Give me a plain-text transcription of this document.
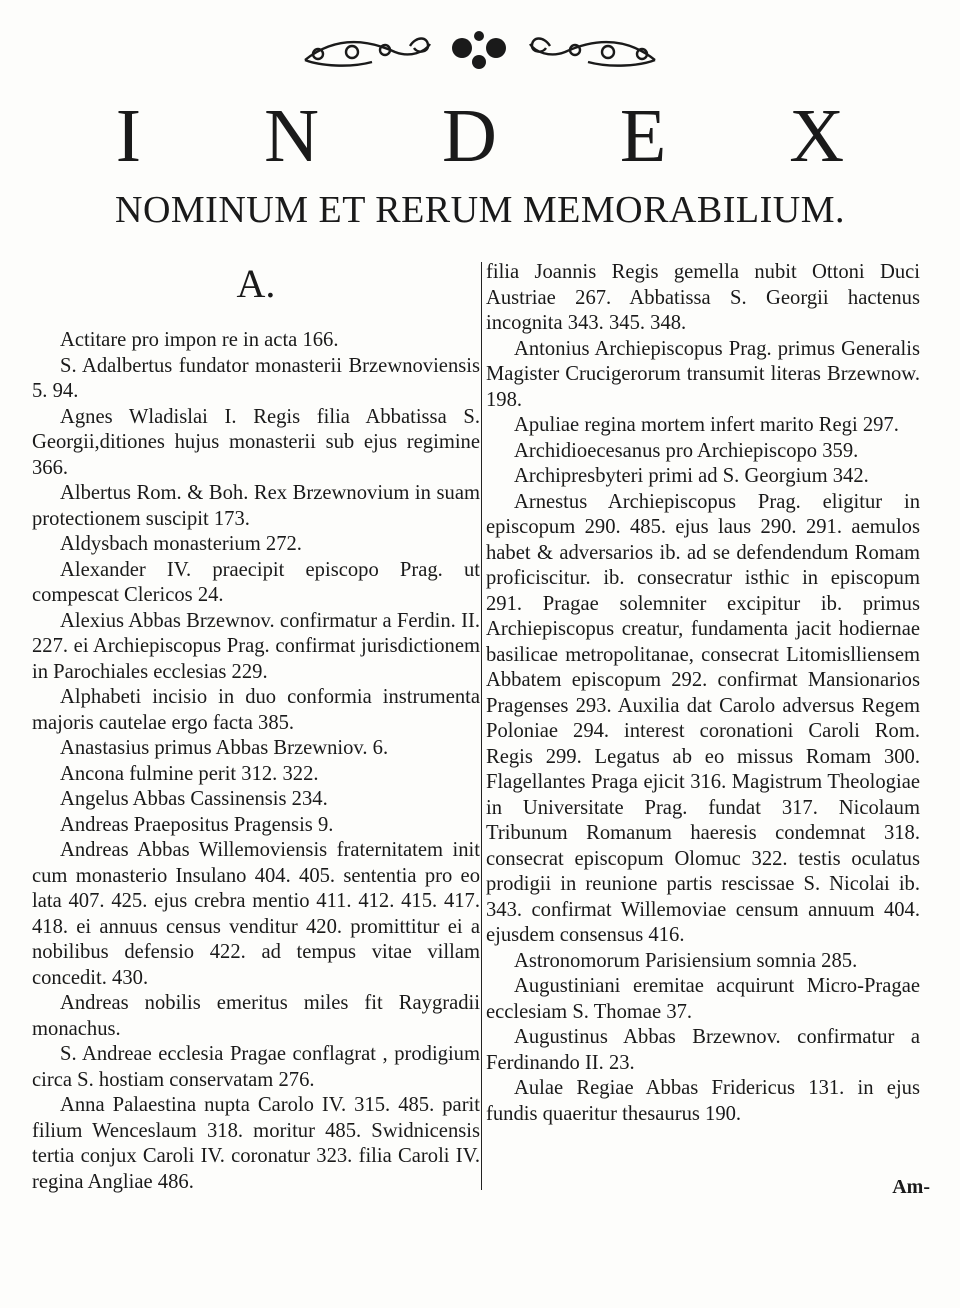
I N D E X
NOMINUM ET RERUM MEMORABILIUM.
A.

Actitare pro impon re in acta 166.

S. Adalbertus fundator monasterii Brzewnoviensis 5. 94.

Agnes Wladislai I. Regis filia Abbatissa S. Georgii,ditiones hujus monasterii sub ejus regimine 366.

Albertus Rom. & Boh. Rex Brzewnovium in suam protectionem suscipit 173.

Aldysbach monasterium 272.

Alexander IV. praecipit episcopo Prag. ut compescat Clericos 24.

Alexius Abbas Brzewnov. confirmatur a Ferdin. II. 227. ei Archiepiscopus Prag. confirmat jurisdictionem in Parochiales ecclesias 229.

Alphabeti incisio in duo conformia instrumenta majoris cautelae ergo facta 385.

Anastasius primus Abbas Brzewniov. 6.

Ancona fulmine perit 312. 322.

Angelus Abbas Cassinensis 234.

Andreas Praepositus Pragensis 9.

Andreas Abbas Willemoviensis fraternitatem init cum monasterio Insulano 404. 405. sententia pro eo lata 407. 425. ejus crebra mentio 411. 412. 415. 417. 418. ei annuus census venditur 420. promittitur ei a nobilibus defensio 422. ad tempus vitae villam concedit. 430.

Andreas nobilis emeritus miles fit Raygradii monachus.

S. Andreae ecclesia Pragae conflagrat , prodigium circa S. hostiam conservatam 276.

Anna Palaestina nupta Carolo IV. 315. 485. parit filium Wenceslaum 318. moritur 485. Swidnicensis tertia conjux Caroli IV. coronatur 323. filia Caroli IV. regina Angliae 486.

filia Joannis Regis gemella nubit Ottoni Duci Austriae 267. Abbatissa S. Georgii hactenus incognita 343. 345. 348.

Antonius Archiepiscopus Prag. primus Generalis Magister Crucigerorum transumit literas Brzewnow. 198.

Apuliae regina mortem infert marito Regi 297.

Archidioecesanus pro Archiepiscopo 359.

Archipresbyteri primi ad S. Georgium 342.

Arnestus Archiepiscopus Prag. eligitur in episcopum 290. 485. ejus laus 290. 291. aemulos habet & adversarios ib. ad se defendendum Romam proficiscitur. ib. consecratur isthic in episcopum 291. Pragae solemniter excipitur ib. primus Archiepiscopus creatur, fundamenta jacit hodiernae basilicae metropolitanae, consecrat Litomislliensem Abbatem episcopum 292. confirmat Mansionarios Pragenses 293. Auxilia dat Carolo adversus Regem Poloniae 294. interest coronationi Caroli Rom. Regis 299. Legatus ab eo missus Romam 300. Flagellantes Praga ejicit 316. Magistrum Theologiae in Universitate Prag. fundat 317. Nicolaum Tribunum Romanum haeresis condemnat 318. consecrat episcopum Olomuc 322. testis oculatus prodigii in reunione partis rescissae S. Nicolai ib. 343. confirmat Willemoviae censum annuum 404. ejusdem consensus 416.

Astronomorum Parisiensium somnia 285.

Augustiniani eremitae acquirunt Micro-Pragae ecclesiam S. Thomae 37.

Augustinus Abbas Brzewnov. confirmatur a Ferdinando II. 23.

Aulae Regiae Abbas Fridericus 131. in ejus fundis quaeritur thesaurus 190.

Am-
